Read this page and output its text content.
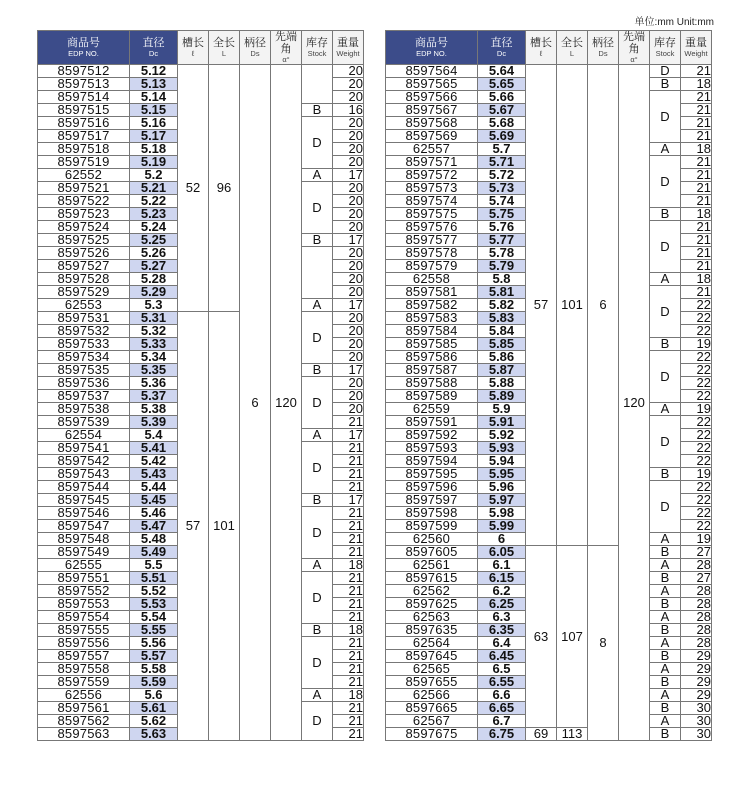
单位:mm Unit:mm
商品号
EDP NO.	直径
Dc	槽长
ℓ	全长
L	柄径
Ds	先端角
α°	库存
Stock	重量
Weight

8597512	5.12	52	96	6	120		20
8597513	5.13						20
8597514	5.14						20
8597515	5.15					B	16
8597516	5.16					D	20
8597517	5.17						20
8597518	5.18						20
8597519	5.19						20
62552	5.2					A	17
8597521	5.21					D	20
8597522	5.22						20
8597523	5.23						20
8597524	5.24						20
8597525	5.25					B	17
8597526	5.26						20
8597527	5.27						20
8597528	5.28						20
8597529	5.29						20
62553	5.3					A	17
8597531	5.31	57	101			D	20
8597532	5.32						20
8597533	5.33						20
8597534	5.34						20
8597535	5.35					B	17
8597536	5.36					D	20
8597537	5.37						20
8597538	5.38						20
8597539	5.39						21
62554	5.4					A	17
8597541	5.41					D	21
8597542	5.42						21
8597543	5.43						21
8597544	5.44						21
8597545	5.45					B	17
8597546	5.46					D	21
8597547	5.47						21
8597548	5.48						21
8597549	5.49						21
62555	5.5					A	18
8597551	5.51					D	21
8597552	5.52						21
8597553	5.53						21
8597554	5.54						21
8597555	5.55					B	18
8597556	5.56					D	21
8597557	5.57						21
8597558	5.58						21
8597559	5.59						21
62556	5.6					A	18
8597561	5.61					D	21
8597562	5.62						21
8597563	5.63						21
商品号
EDP NO.	直径
Dc	槽长
ℓ	全长
L	柄径
Ds	先端角
α°	库存
Stock	重量
Weight

8597564	5.64	57	101	6	120	D	21
8597565	5.65					B	18
8597566	5.66					D	21
8597567	5.67						21
8597568	5.68						21
8597569	5.69						21
62557	5.7					A	18
8597571	5.71					D	21
8597572	5.72						21
8597573	5.73						21
8597574	5.74						21
8597575	5.75					B	18
8597576	5.76					D	21
8597577	5.77						21
8597578	5.78						21
8597579	5.79						21
62558	5.8					A	18
8597581	5.81					D	21
8597582	5.82						22
8597583	5.83						22
8597584	5.84						22
8597585	5.85					B	19
8597586	5.86					D	22
8597587	5.87						22
8597588	5.88						22
8597589	5.89						22
62559	5.9					A	19
8597591	5.91					D	22
8597592	5.92						22
8597593	5.93						22
8597594	5.94						22
8597595	5.95					B	19
8597596	5.96					D	22
8597597	5.97						22
8597598	5.98						22
8597599	5.99						22
62560	6					A	19
8597605	6.05	63	107	8		B	27
62561	6.1					A	28
8597615	6.15					B	27
62562	6.2					A	28
8597625	6.25					B	28
62563	6.3					A	28
8597635	6.35					B	28
62564	6.4					A	28
8597645	6.45					B	29
62565	6.5					A	29
8597655	6.55					B	29
62566	6.6					A	29
8597665	6.65					B	30
62567	6.7					A	30
8597675	6.75	69	113			B	30
